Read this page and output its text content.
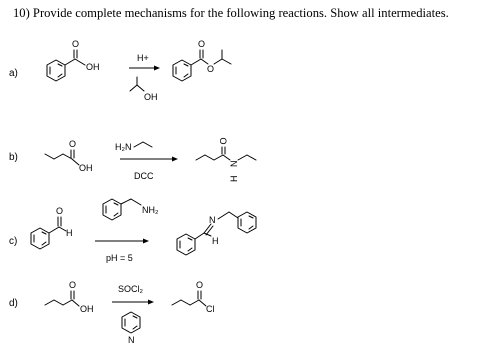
10) Provide complete mechanisms for the following reactions. Show all intermediates.
a)
b)
c)
d)
O
OH
H+
OH
O
O
O
OH
H₂N
DCC
O
N
H
O
H
NH₂
pH = 5
N
H
O
OH
SOCl₂
N
O
Cl
